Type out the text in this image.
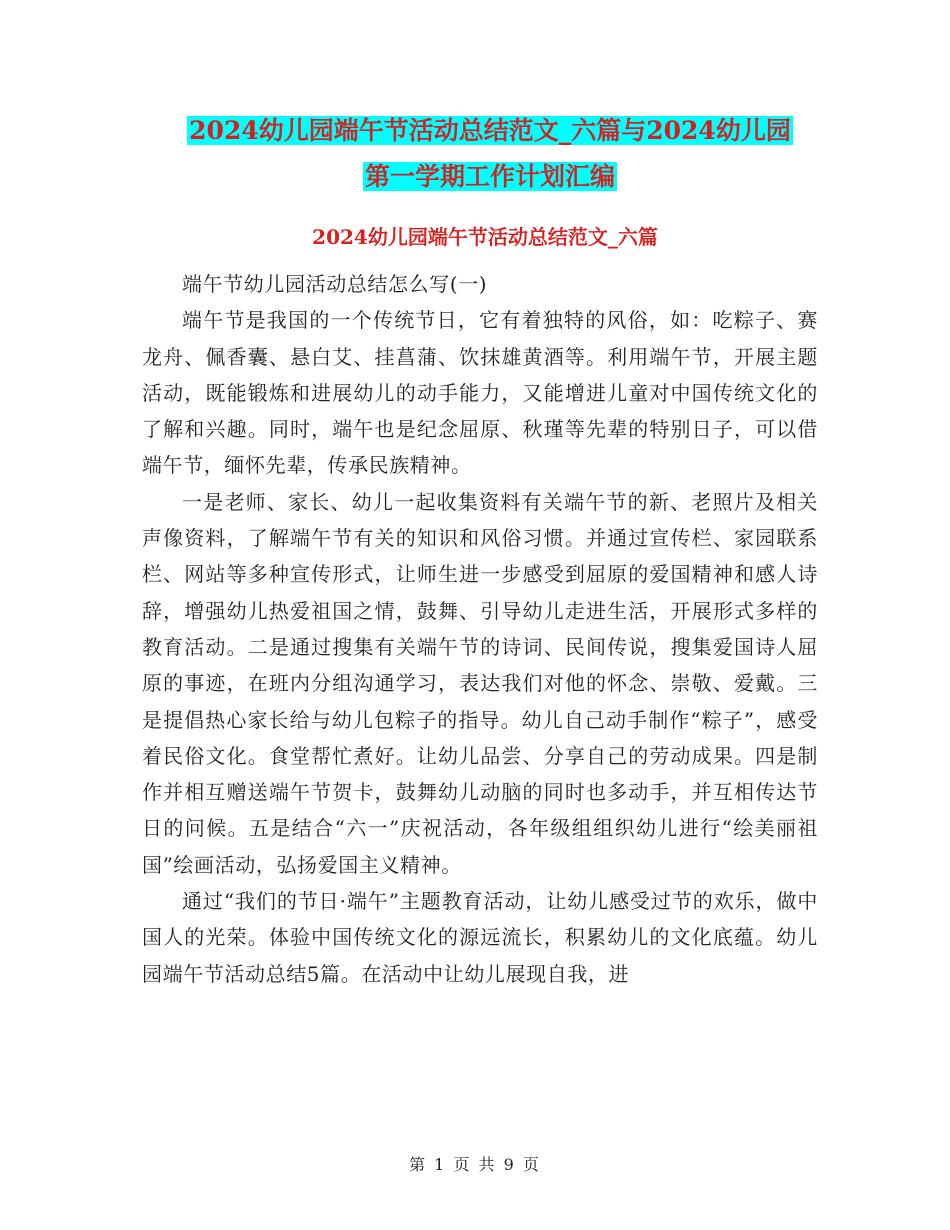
2024幼儿园端午节活动总结范文_六篇与2024幼儿园
第一学期工作计划汇编
2024幼儿园端午节活动总结范文_六篇

端午节幼儿园活动总结怎么写(一)

端午节是我国的一个传统节日，它有着独特的风俗，如：吃粽子、赛龙舟、佩香囊、悬白艾、挂菖蒲、饮抹雄黄酒等。利用端午节，开展主题活动，既能锻炼和进展幼儿的动手能力，又能增进儿童对中国传统文化的了解和兴趣。同时，端午也是纪念屈原、秋瑾等先辈的特别日子，可以借端午节，缅怀先辈，传承民族精神。

一是老师、家长、幼儿一起收集资料有关端午节的新、老照片及相关声像资料，了解端午节有关的知识和风俗习惯。并通过宣传栏、家园联系栏、网站等多种宣传形式，让师生进一步感受到屈原的爱国精神和感人诗辞，增强幼儿热爱祖国之情，鼓舞、引导幼儿走进生活，开展形式多样的教育活动。二是通过搜集有关端午节的诗词、民间传说，搜集爱国诗人屈原的事迹，在班内分组沟通学习，表达我们对他的怀念、崇敬、爱戴。三是提倡热心家长给与幼儿包粽子的指导。幼儿自己动手制作“粽子”，感受着民俗文化。食堂帮忙煮好。让幼儿品尝、分享自己的劳动成果。四是制作并相互赠送端午节贺卡，鼓舞幼儿动脑的同时也多动手，并互相传达节日的问候。五是结合“六一”庆祝活动，各年级组组织幼儿进行“绘美丽祖国”绘画活动，弘扬爱国主义精神。

通过“我们的节日·端午”主题教育活动，让幼儿感受过节的欢乐，做中国人的光荣。体验中国传统文化的源远流长，积累幼儿的文化底蕴。幼儿园端午节活动总结5篇。在活动中让幼儿展现自我，进

第 1 页 共 9 页
